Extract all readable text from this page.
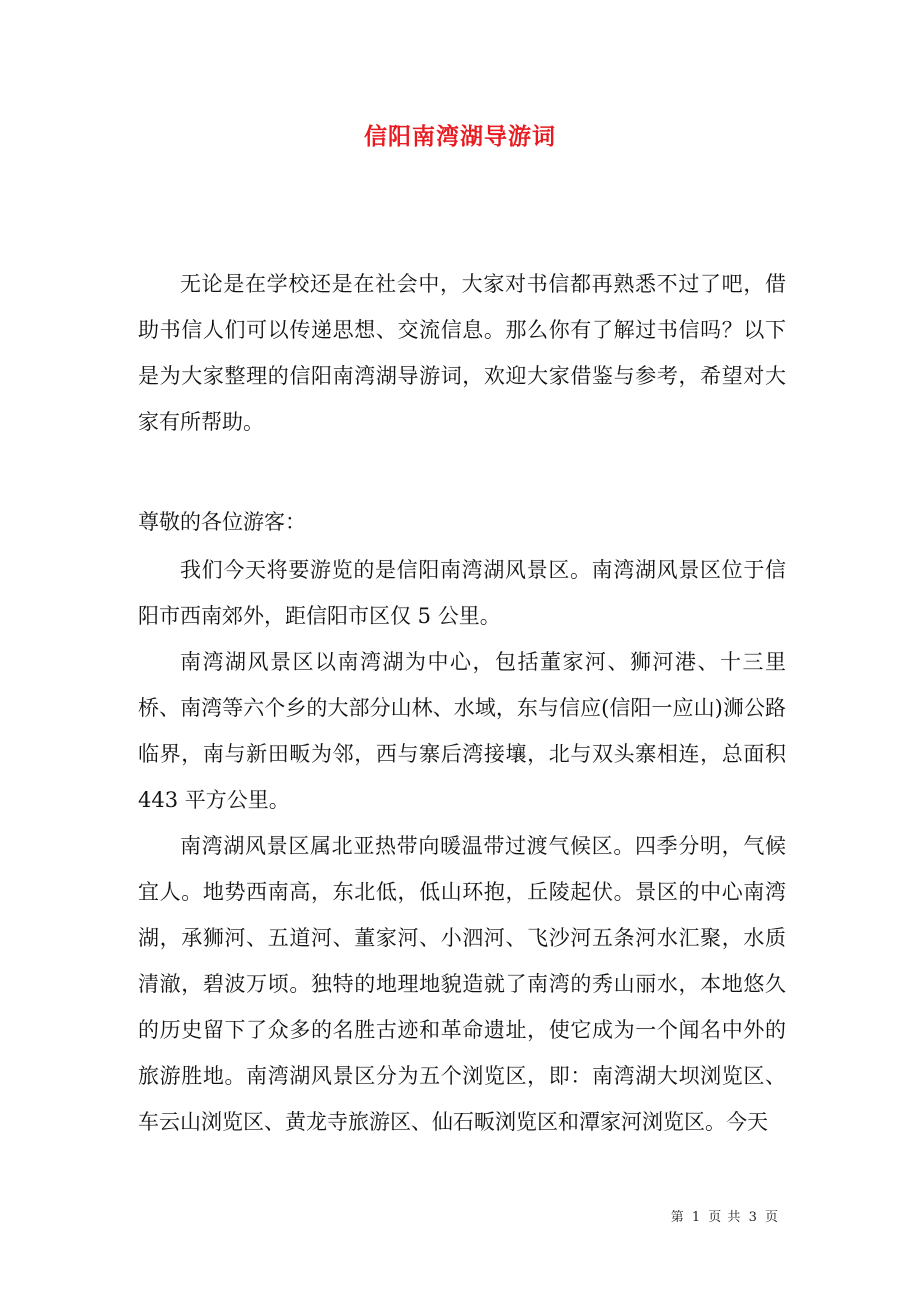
信阳南湾湖导游词

无论是在学校还是在社会中，大家对书信都再熟悉不过了吧，借助书信人们可以传递思想、交流信息。那么你有了解过书信吗？以下是为大家整理的信阳南湾湖导游词，欢迎大家借鉴与参考，希望对大家有所帮助。

尊敬的各位游客：

我们今天将要游览的是信阳南湾湖风景区。南湾湖风景区位于信阳市西南郊外，距信阳市区仅 5 公里。

南湾湖风景区以南湾湖为中心，包括董家河、狮河港、十三里桥、南湾等六个乡的大部分山林、水域，东与信应(信阳一应山)浉公路临界，南与新田畈为邻，西与寨后湾接壤，北与双头寨相连，总面积 443 平方公里。

南湾湖风景区属北亚热带向暖温带过渡气候区。四季分明，气候宜人。地势西南高，东北低，低山环抱，丘陵起伏。景区的中心南湾湖，承狮河、五道河、董家河、小泗河、飞沙河五条河水汇聚，水质清澈，碧波万顷。独特的地理地貌造就了南湾的秀山丽水，本地悠久的历史留下了众多的名胜古迹和革命遗址，使它成为一个闻名中外的旅游胜地。南湾湖风景区分为五个浏览区，即：南湾湖大坝浏览区、车云山浏览区、黄龙寺旅游区、仙石畈浏览区和潭家河浏览区。今天

第 1 页 共 3 页
